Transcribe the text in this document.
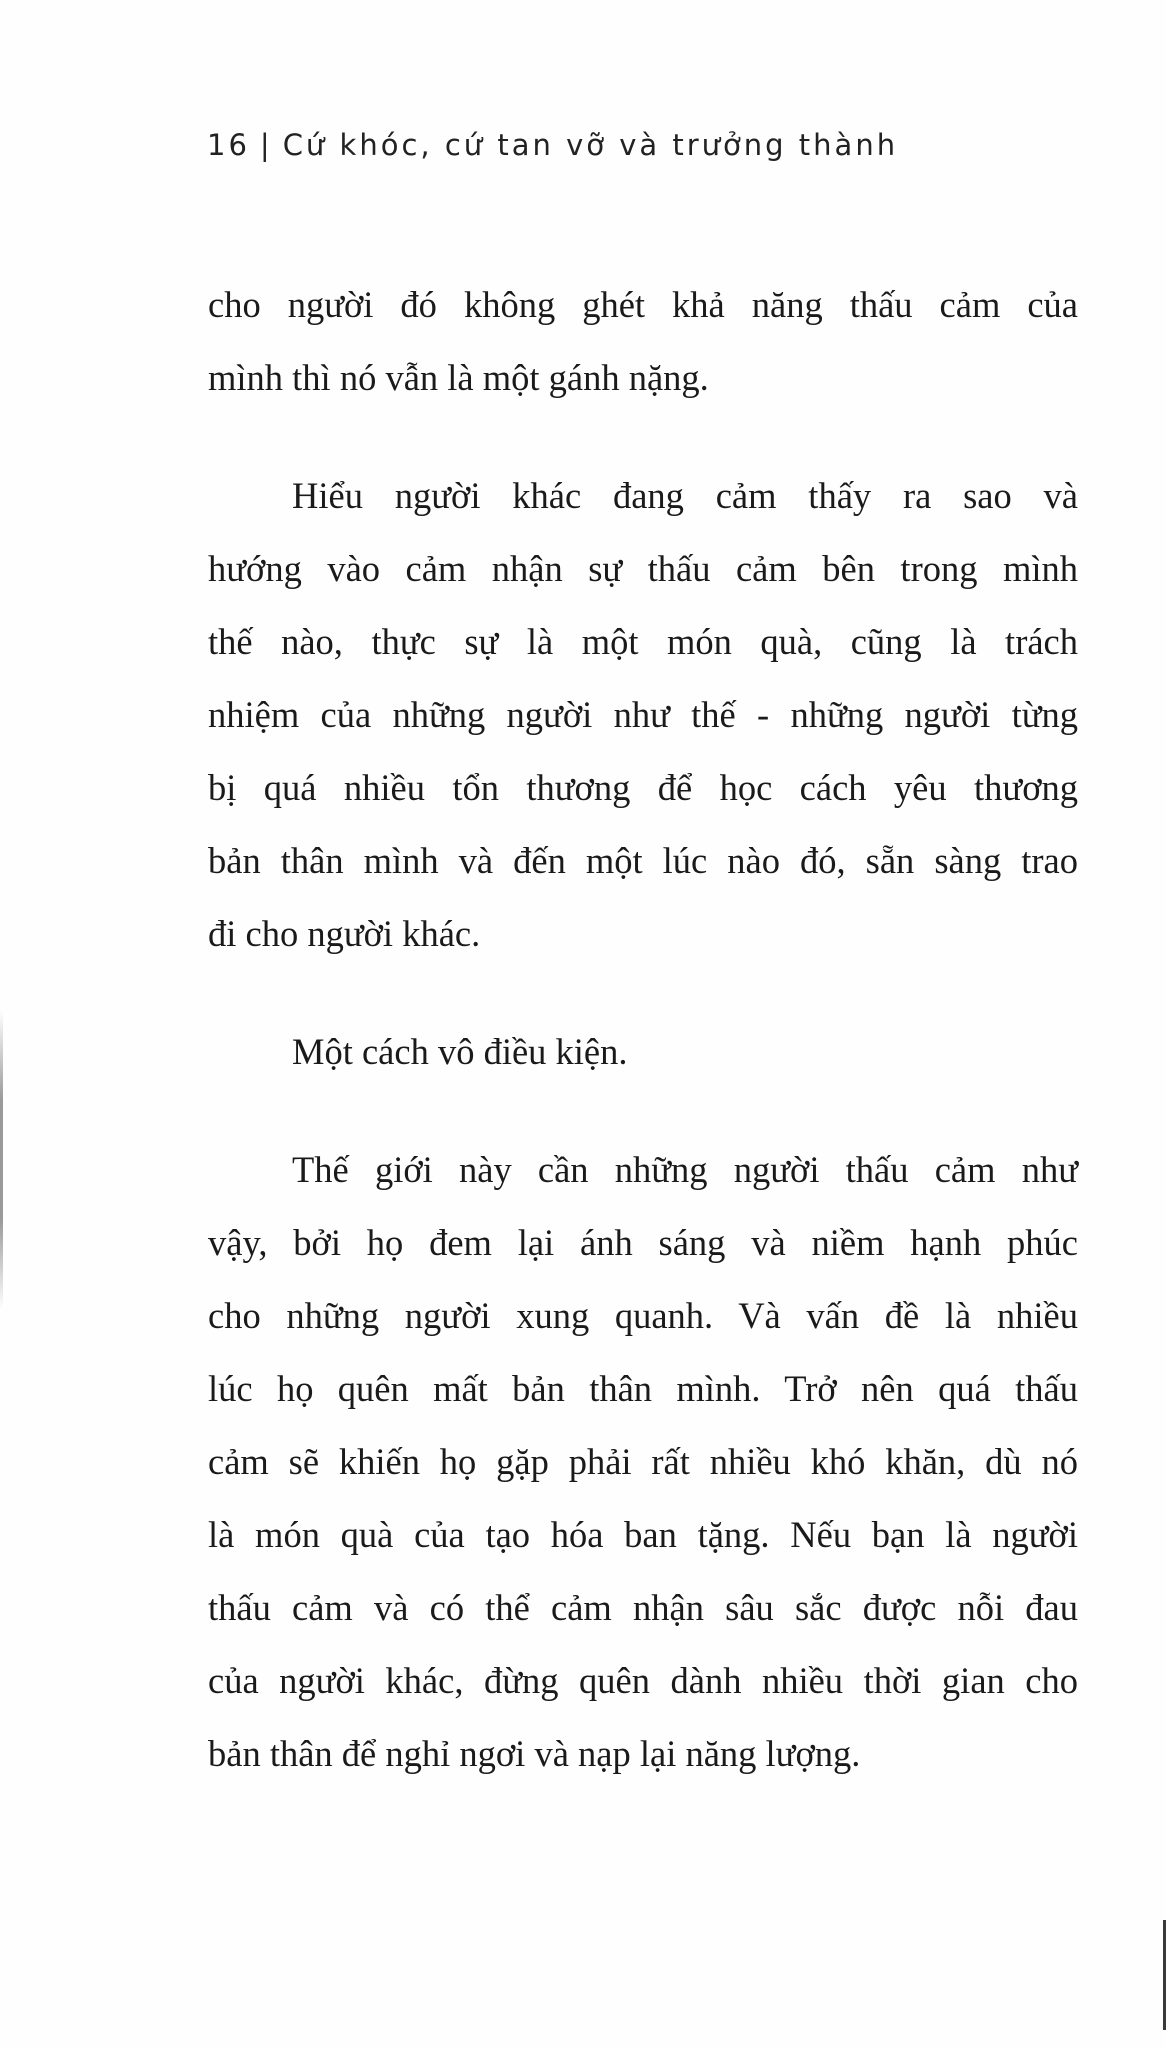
16 | Cứ khóc, cứ tan vỡ và trưởng thành

cho người đó không ghét khả năng thấu cảm của
mình thì nó vẫn là một gánh nặng.

Hiểu người khác đang cảm thấy ra sao và
hướng vào cảm nhận sự thấu cảm bên trong mình
thế nào, thực sự là một món quà, cũng là trách
nhiệm của những người như thế - những người từng
bị quá nhiều tổn thương để học cách yêu thương
bản thân mình và đến một lúc nào đó, sẵn sàng trao
đi cho người khác.

Một cách vô điều kiện.

Thế giới này cần những người thấu cảm như
vậy, bởi họ đem lại ánh sáng và niềm hạnh phúc
cho những người xung quanh. Và vấn đề là nhiều
lúc họ quên mất bản thân mình. Trở nên quá thấu
cảm sẽ khiến họ gặp phải rất nhiều khó khăn, dù nó
là món quà của tạo hóa ban tặng. Nếu bạn là người
thấu cảm và có thể cảm nhận sâu sắc được nỗi đau
của người khác, đừng quên dành nhiều thời gian cho
bản thân để nghỉ ngơi và nạp lại năng lượng.
